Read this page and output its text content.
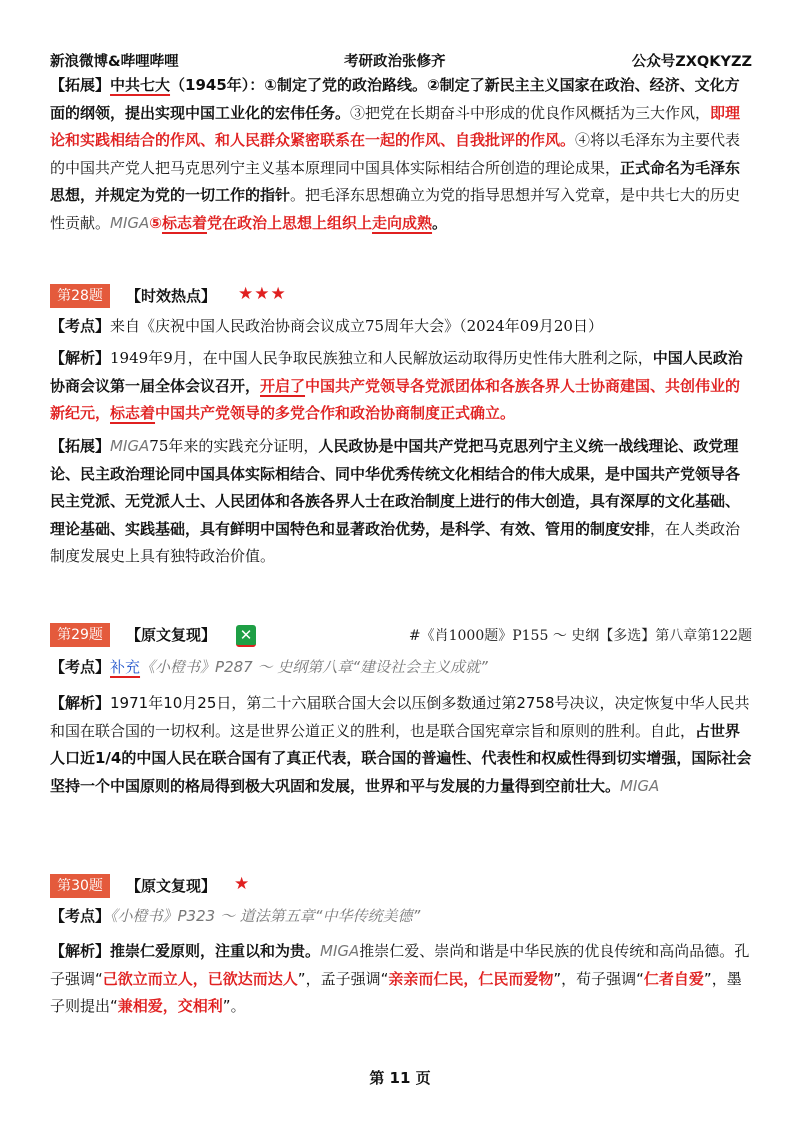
新浪微博&哔哩哔哩	考研政治张修齐	公众号ZXQKYZZ
【拓展】中共七大（1945年）：①制定了党的政治路线。②制定了新民主主义国家在政治、经济、文化方面的纲领，提出实现中国工业化的宏伟任务。③把党在长期奋斗中形成的优良作风概括为三大作风，即理论和实践相结合的作风、和人民群众紧密联系在一起的作风、自我批评的作风。④将以毛泽东为主要代表的中国共产党人把马克思列宁主义基本原理同中国具体实际相结合所创造的理论成果，正式命名为毛泽东思想，并规定为党的一切工作的指针。把毛泽东思想确立为党的指导思想并写入党章，是中共七大的历史性贡献。MIGA⑤标志着党在政治上思想上组织上走向成熟。
第28题	【时效热点】 ★★★
【考点】来自《庆祝中国人民政治协商会议成立75周年大会》（2024年09月20日）
【解析】1949年9月，在中国人民争取民族独立和人民解放运动取得历史性伟大胜利之际，中国人民政治协商会议第一届全体会议召开，开启了中国共产党领导各党派团体和各族各界人士协商建国、共创伟业的新纪元，标志着中国共产党领导的多党合作和政治协商制度正式确立。
【拓展】MIGA75年来的实践充分证明，人民政协是中国共产党把马克思列宁主义统一战线理论、政党理论、民主政治理论同中国具体实际相结合、同中华优秀传统文化相结合的伟大成果，是中国共产党领导各民主党派、无党派人士、人民团体和各族各界人士在政治制度上进行的伟大创造，具有深厚的文化基础、理论基础、实践基础，具有鲜明中国特色和显著政治优势，是科学、有效、管用的制度安排，在人类政治制度发展史上具有独特政治价值。
第29题	【原文复现】 ✕	#《肖1000题》P155 ～ 史纲【多选】第八章第122题
【考点】补充《小橙书》P287 ～ 史纲第八章“建设社会主义成就”
【解析】1971年10月25日，第二十六届联合国大会以压倒多数通过第2758号决议，决定恢复中华人民共和国在联合国的一切权利。这是世界公道正义的胜利，也是联合国宪章宗旨和原则的胜利。自此，占世界人口近1/4的中国人民在联合国有了真正代表，联合国的普遍性、代表性和权威性得到切实增强，国际社会坚持一个中国原则的格局得到极大巩固和发展，世界和平与发展的力量得到空前壮大。MIGA
第30题	【原文复现】 ★
【考点】《小橙书》P323 ～ 道法第五章“中华传统美德”
【解析】推崇仁爱原则，注重以和为贵。MIGA推崇仁爱、崇尚和谐是中华民族的优良传统和高尚品德。孔子强调“己欲立而立人，已欲达而达人”，孟子强调“亲亲而仁民，仁民而爱物”，荀子强调“仁者自爱”，墨子则提出“兼相爱，交相利”。
第 11 页
